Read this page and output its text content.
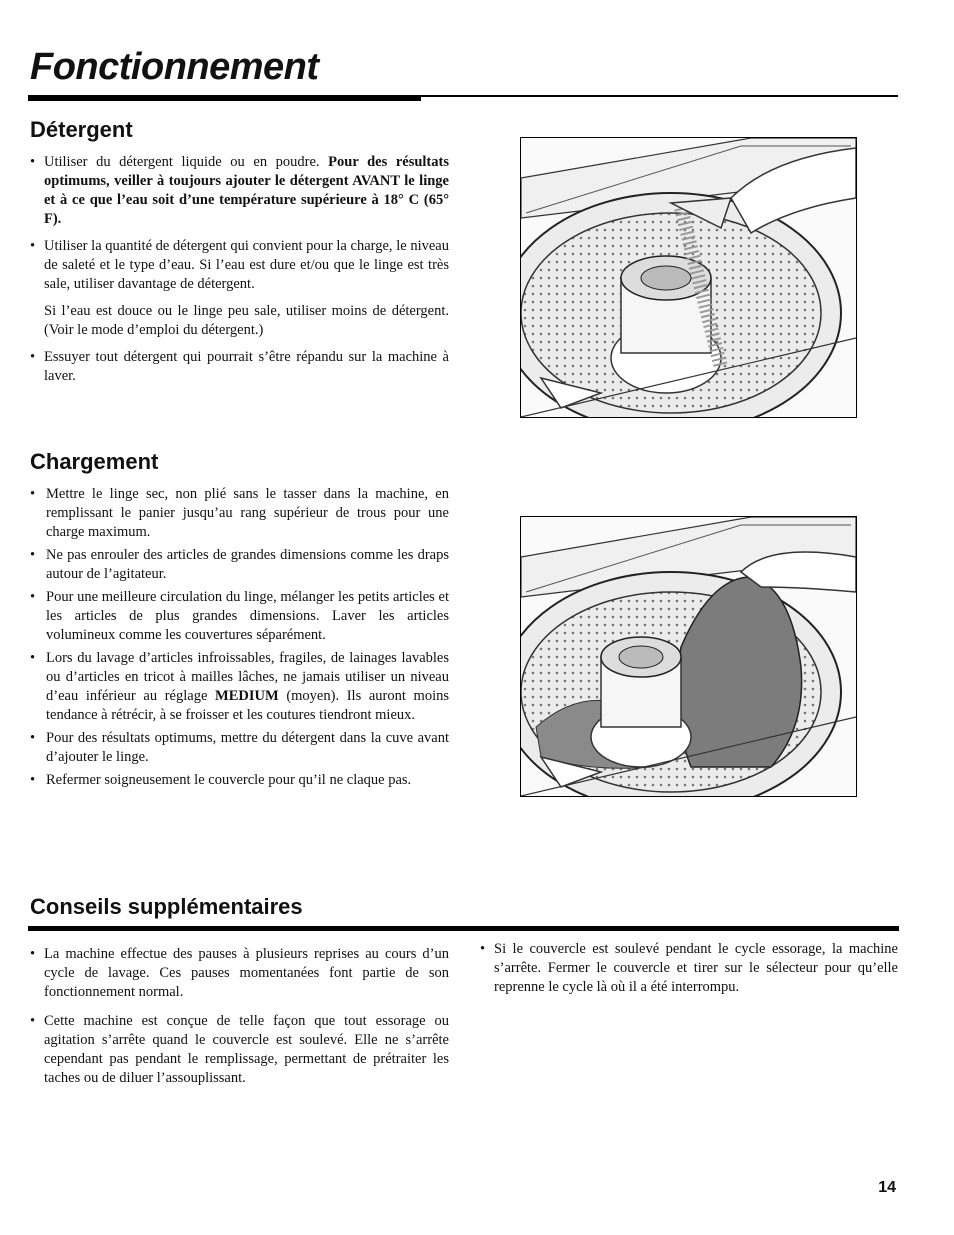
Fonctionnement
Détergent
• Utiliser du détergent liquide ou en poudre. Pour des résultats optimums, veiller à toujours ajouter le détergent AVANT le linge et à ce que l’eau soit d’une température supérieure à 18° C (65° F).
• Utiliser la quantité de détergent qui convient pour la charge, le niveau de saleté et le type d’eau. Si l’eau est dure et/ou que le linge est très sale, utiliser davantage de détergent.
Si l’eau est douce ou le linge peu sale, utiliser moins de détergent. (Voir le mode d’emploi du détergent.)
• Essuyer tout détergent qui pourrait s’être répandu sur la machine à laver.
Chargement
• Mettre le linge sec, non plié sans le tasser dans la machine, en remplissant le panier jusqu’au rang supérieur de trous pour une charge maximum.
• Ne pas enrouler des articles de grandes dimensions comme les draps autour de l’agitateur.
• Pour une meilleure circulation du linge, mélanger les petits articles et les articles de plus grandes dimensions. Laver les articles volumineux comme les couvertures séparément.
• Lors du lavage d’articles infroissables, fragiles, de lainages lavables ou d’articles en tricot à mailles lâches, ne jamais utiliser un niveau d’eau inférieur au réglage MEDIUM (moyen). Ils auront moins tendance à rétrécir, à se froisser et les coutures tiendront mieux.
• Pour des résultats optimums, mettre du détergent dans la cuve avant d’ajouter le linge.
• Refermer soigneusement le couvercle pour qu’il ne claque pas.
Conseils supplémentaires
• La machine effectue des pauses à plusieurs reprises au cours d’un cycle de lavage. Ces pauses momentanées font partie de son fonctionnement normal.
• Cette machine est conçue de telle façon que tout essorage ou agitation s’arrête quand le couvercle est soulevé. Elle ne s’arrête cependant pas pendant le remplissage, permettant de prétraiter les taches ou de diluer l’assouplissant.
• Si le couvercle est soulevé pendant le cycle essorage, la machine s’arrête. Fermer le couvercle et tirer sur le sélecteur pour qu’elle reprenne le cycle là où il a été interrompu.
14
